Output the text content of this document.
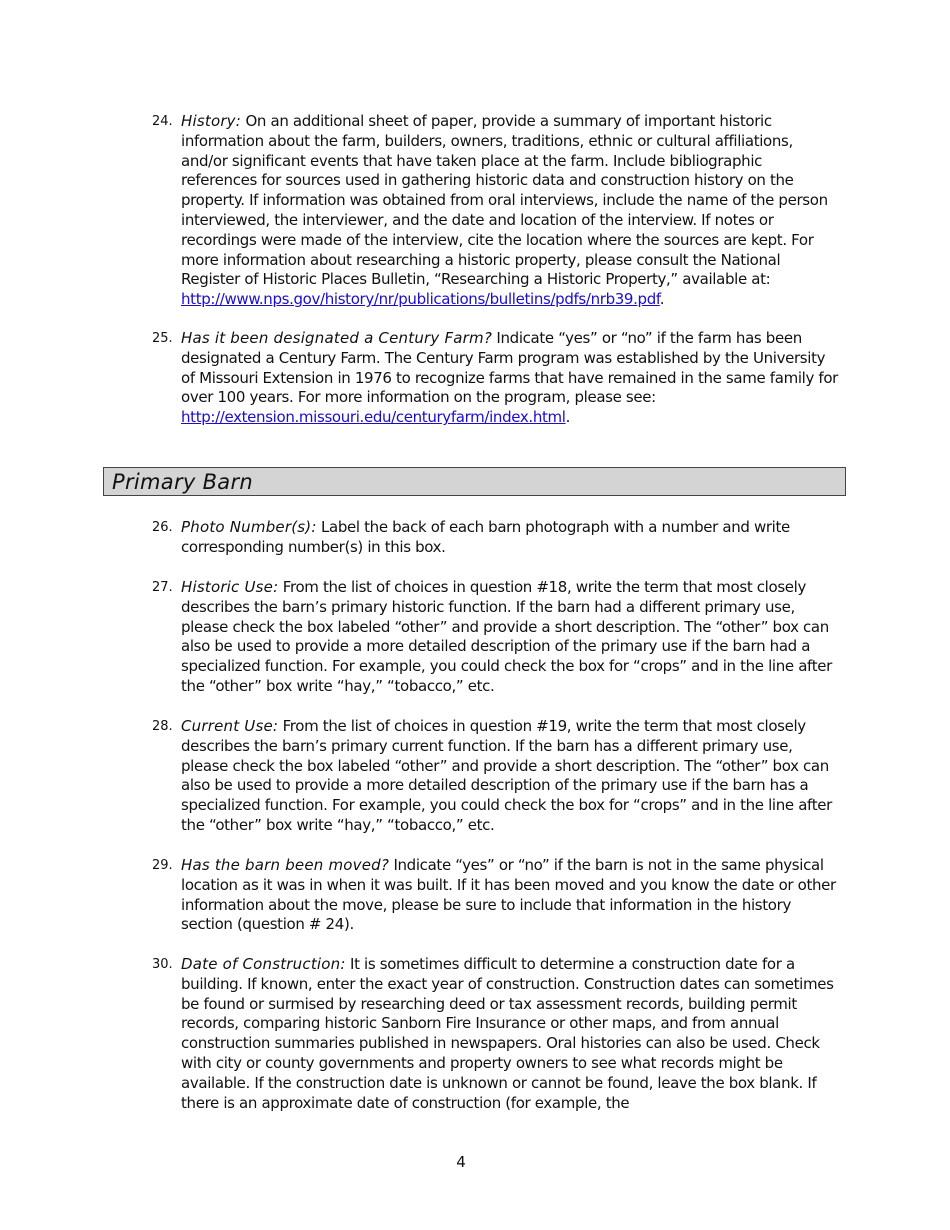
24. History: On an additional sheet of paper, provide a summary of important historic information about the farm, builders, owners, traditions, ethnic or cultural affiliations, and/or significant events that have taken place at the farm. Include bibliographic references for sources used in gathering historic data and construction history on the property. If information was obtained from oral interviews, include the name of the person interviewed, the interviewer, and the date and location of the interview. If notes or recordings were made of the interview, cite the location where the sources are kept. For more information about researching a historic property, please consult the National Register of Historic Places Bulletin, “Researching a Historic Property,” available at: http://www.nps.gov/history/nr/publications/bulletins/pdfs/nrb39.pdf.
25. Has it been designated a Century Farm? Indicate “yes” or “no” if the farm has been designated a Century Farm. The Century Farm program was established by the University of Missouri Extension in 1976 to recognize farms that have remained in the same family for over 100 years. For more information on the program, please see: http://extension.missouri.edu/centuryfarm/index.html.
Primary Barn
26. Photo Number(s): Label the back of each barn photograph with a number and write corresponding number(s) in this box.
27. Historic Use: From the list of choices in question #18, write the term that most closely describes the barn’s primary historic function. If the barn had a different primary use, please check the box labeled “other” and provide a short description. The “other” box can also be used to provide a more detailed description of the primary use if the barn had a specialized function. For example, you could check the box for “crops” and in the line after the “other” box write “hay,” “tobacco,” etc.
28. Current Use: From the list of choices in question #19, write the term that most closely describes the barn’s primary current function. If the barn has a different primary use, please check the box labeled “other” and provide a short description. The “other” box can also be used to provide a more detailed description of the primary use if the barn has a specialized function. For example, you could check the box for “crops” and in the line after the “other” box write “hay,” “tobacco,” etc.
29. Has the barn been moved? Indicate “yes” or “no” if the barn is not in the same physical location as it was in when it was built. If it has been moved and you know the date or other information about the move, please be sure to include that information in the history section (question # 24).
30. Date of Construction: It is sometimes difficult to determine a construction date for a building. If known, enter the exact year of construction. Construction dates can sometimes be found or surmised by researching deed or tax assessment records, building permit records, comparing historic Sanborn Fire Insurance or other maps, and from annual construction summaries published in newspapers. Oral histories can also be used. Check with city or county governments and property owners to see what records might be available. If the construction date is unknown or cannot be found, leave the box blank. If there is an approximate date of construction (for example, the
4
